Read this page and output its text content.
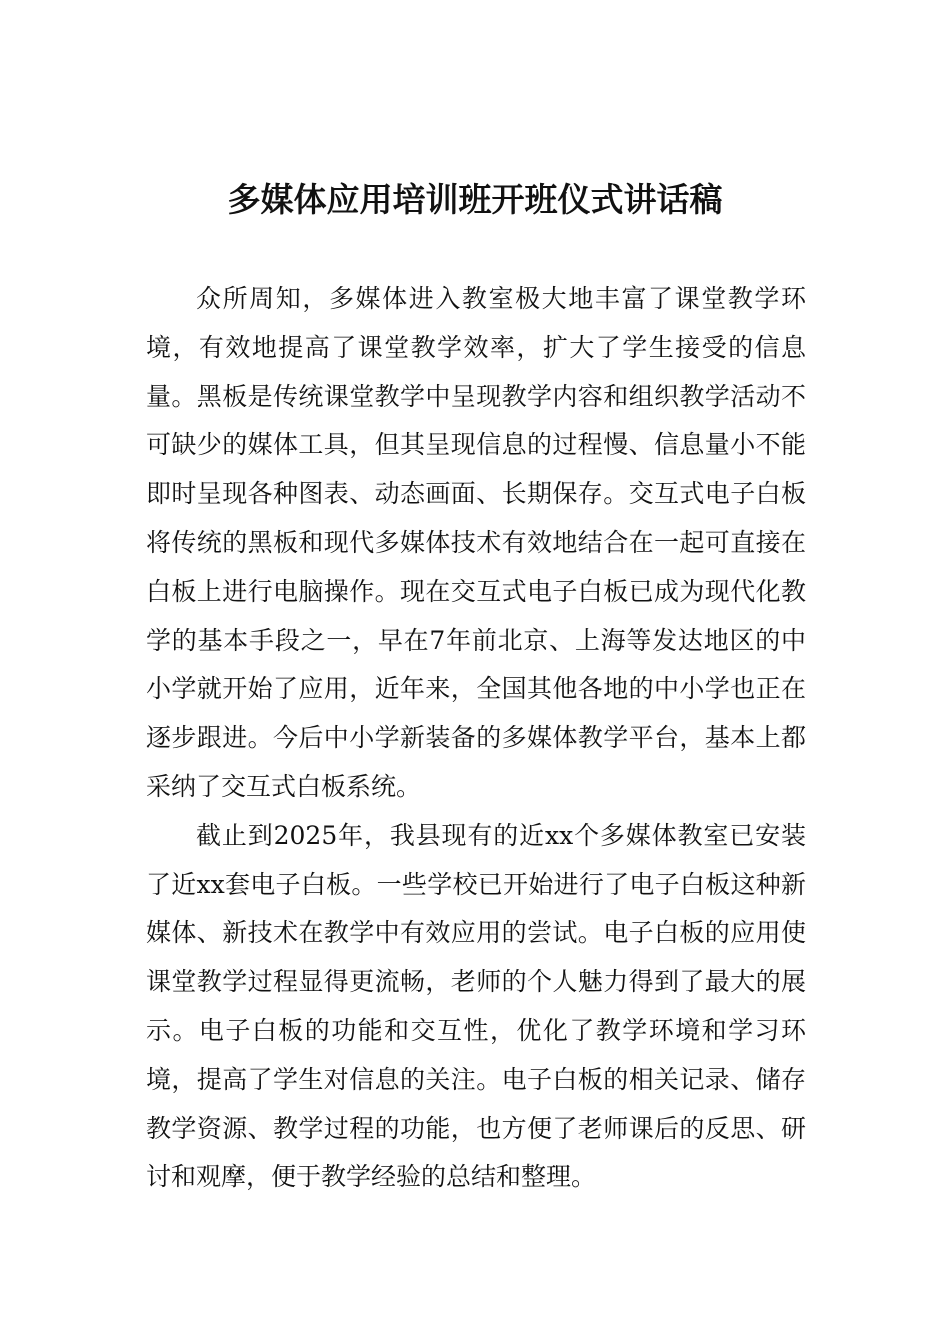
多媒体应用培训班开班仪式讲话稿

众所周知，多媒体进入教室极大地丰富了课堂教学环境，有效地提高了课堂教学效率，扩大了学生接受的信息量。黑板是传统课堂教学中呈现教学内容和组织教学活动不可缺少的媒体工具，但其呈现信息的过程慢、信息量小不能即时呈现各种图表、动态画面、长期保存。交互式电子白板将传统的黑板和现代多媒体技术有效地结合在一起可直接在白板上进行电脑操作。现在交互式电子白板已成为现代化教学的基本手段之一，早在7年前北京、上海等发达地区的中小学就开始了应用，近年来，全国其他各地的中小学也正在逐步跟进。今后中小学新装备的多媒体教学平台，基本上都采纳了交互式白板系统。

截止到2025年，我县现有的近xx个多媒体教室已安装了近xx套电子白板。一些学校已开始进行了电子白板这种新媒体、新技术在教学中有效应用的尝试。电子白板的应用使课堂教学过程显得更流畅，老师的个人魅力得到了最大的展示。电子白板的功能和交互性，优化了教学环境和学习环境，提高了学生对信息的关注。电子白板的相关记录、储存教学资源、教学过程的功能，也方便了老师课后的反思、研讨和观摩，便于教学经验的总结和整理。
